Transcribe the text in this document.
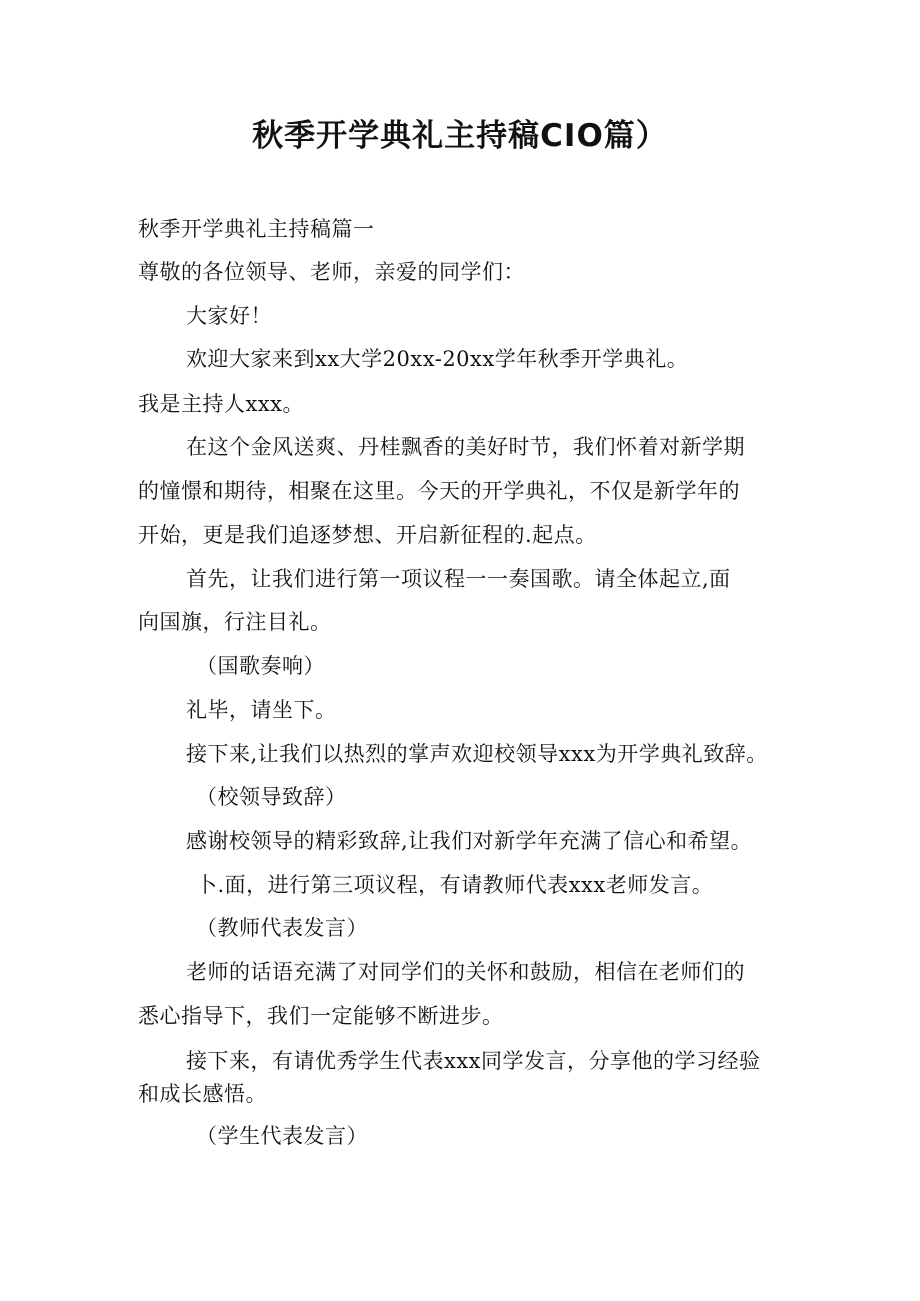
秋季开学典礼主持稿CIO篇）
秋季开学典礼主持稿篇一
尊敬的各位领导、老师，亲爱的同学们：
大家好！
欢迎大家来到xx大学20xx-20xx学年秋季开学典礼。
我是主持人xxx。
在这个金风送爽、丹桂飘香的美好时节，我们怀着对新学期
的憧憬和期待，相聚在这里。今天的开学典礼，不仅是新学年的
开始，更是我们追逐梦想、开启新征程的.起点。
首先，让我们进行第一项议程一一奏国歌。请全体起立,面
向国旗，行注目礼。
（国歌奏响）
礼毕，请坐下。
接下来,让我们以热烈的掌声欢迎校领导xxx为开学典礼致辞。
（校领导致辞）
感谢校领导的精彩致辞,让我们对新学年充满了信心和希望。
卜.面，进行第三项议程，有请教师代表xxx老师发言。
（教师代表发言）
老师的话语充满了对同学们的关怀和鼓励，相信在老师们的
悉心指导下，我们一定能够不断进步。
接下来，有请优秀学生代表xxx同学发言，分享他的学习经验
和成长感悟。
（学生代表发言）
